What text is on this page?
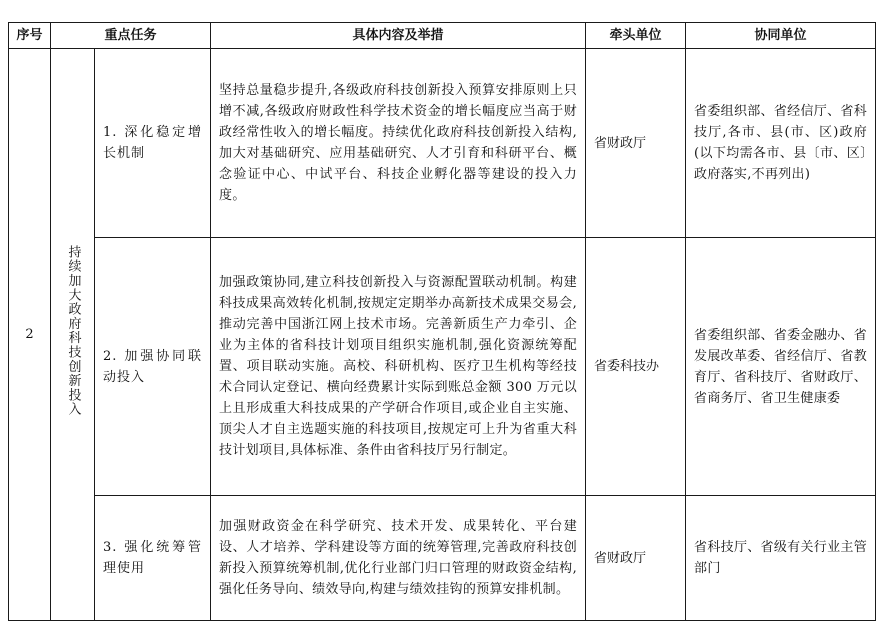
序号	重点任务		具体内容及举措	牵头单位	协同单位
2	持续加大政府科技创新投入	1. 深化稳定增长机制	坚持总量稳步提升,各级政府科技创新投入预算安排原则上只增不减,各级政府财政性科学技术资金的增长幅度应当高于财政经常性收入的增长幅度。持续优化政府科技创新投入结构,加大对基础研究、应用基础研究、人才引育和科研平台、概念验证中心、中试平台、科技企业孵化器等建设的投入力度。	省财政厅	省委组织部、省经信厅、省科技厅,各市、县(市、区)政府(以下均需各市、县〔市、区〕政府落实,不再列出)

		2. 加强协同联动投入	加强政策协同,建立科技创新投入与资源配置联动机制。构建科技成果高效转化机制,按规定定期举办高新技术成果交易会,推动完善中国浙江网上技术市场。完善新质生产力牵引、企业为主体的省科技计划项目组织实施机制,强化资源统筹配置、项目联动实施。高校、科研机构、医疗卫生机构等经技术合同认定登记、横向经费累计实际到账总金额 300 万元以上且形成重大科技成果的产学研合作项目,或企业自主实施、顶尖人才自主选题实施的科技项目,按规定可上升为省重大科技计划项目,具体标准、条件由省科技厅另行制定。	省委科技办	省委组织部、省委金融办、省发展改革委、省经信厅、省教育厅、省科技厅、省财政厅、省商务厅、省卫生健康委

		3. 强化统筹管理使用	加强财政资金在科学研究、技术开发、成果转化、平台建设、人才培养、学科建设等方面的统筹管理,完善政府科技创新投入预算统筹机制,优化行业部门归口管理的财政资金结构,强化任务导向、绩效导向,构建与绩效挂钩的预算安排机制。	省财政厅	省科技厅、省级有关行业主管部门
